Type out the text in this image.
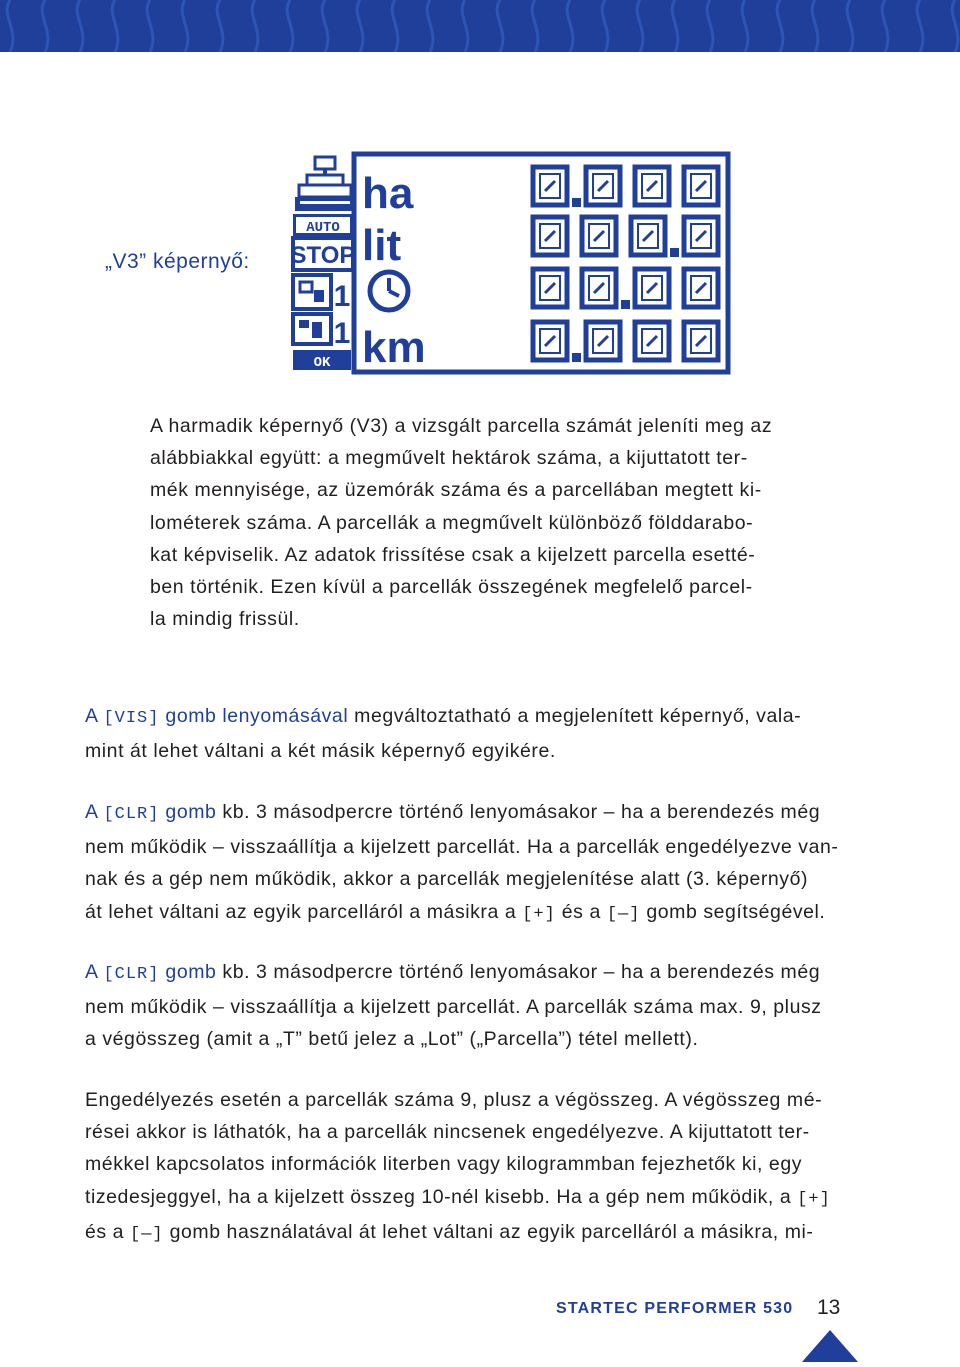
„V3” képernyő:
AUTO
STOP
1
1
OK
ha
lit
km

A harmadik képernyő (V3) a vizsgált parcella számát jeleníti meg az
alábbiakkal együtt: a megművelt hektárok száma, a kijuttatott ter-
mék mennyisége, az üzemórák száma és a parcellában megtett ki-
lométerek száma. A parcellák a megművelt különböző földdarabo-
kat képviselik. Az adatok frissítése csak a kijelzett parcella esetté-
ben történik. Ezen kívül a parcellák összegének megfelelő parcel-
la mindig frissül.

A [VIS] gomb lenyomásával megváltoztatható a megjelenített képernyő, vala-
mint át lehet váltani a két másik képernyő egyikére.

A [CLR] gomb kb. 3 másodpercre történő lenyomásakor – ha a berendezés még
nem működik – visszaállítja a kijelzett parcellát. Ha a parcellák engedélyezve van-
nak és a gép nem működik, akkor a parcellák megjelenítése alatt (3. képernyő)
át lehet váltani az egyik parcelláról a másikra a [+] és a [—] gomb segítségével.

A [CLR] gomb kb. 3 másodpercre történő lenyomásakor – ha a berendezés még
nem működik – visszaállítja a kijelzett parcellát. A parcellák száma max. 9, plusz
a végösszeg (amit a „T” betű jelez a „Lot” („Parcella”) tétel mellett).

Engedélyezés esetén a parcellák száma 9, plusz a végösszeg. A végösszeg mé-
rései akkor is láthatók, ha a parcellák nincsenek engedélyezve. A kijuttatott ter-
mékkel kapcsolatos információk literben vagy kilogrammban fejezhetők ki, egy
tizedesjeggyel, ha a kijelzett összeg 10-nél kisebb. Ha a gép nem működik, a [+]
és a [—] gomb használatával át lehet váltani az egyik parcelláról a másikra, mi-

STARTEC PERFORMER 530 13
